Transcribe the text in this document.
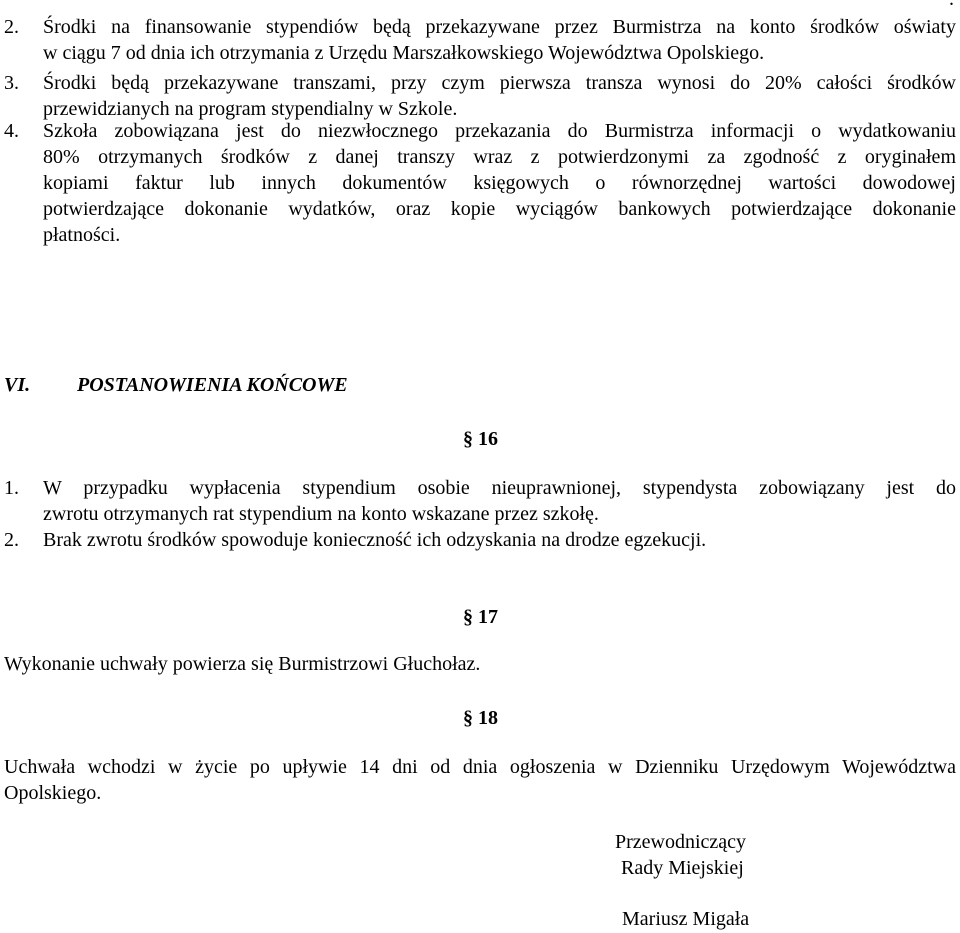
2. Środki na finansowanie stypendiów będą przekazywane przez Burmistrza na konto środków oświaty
w ciągu 7 od dnia ich otrzymania z Urzędu Marszałkowskiego Województwa Opolskiego.
3. Środki będą przekazywane transzami, przy czym pierwsza transza wynosi do 20% całości środków
przewidzianych na program stypendialny w Szkole.
4. Szkoła zobowiązana jest do niezwłocznego przekazania do Burmistrza informacji o wydatkowaniu
80% otrzymanych środków z danej transzy wraz z potwierdzonymi za zgodność z oryginałem
kopiami faktur lub innych dokumentów księgowych o równorzędnej wartości dowodowej
potwierdzające dokonanie wydatków, oraz kopie wyciągów bankowych potwierdzające dokonanie
płatności.
VI. POSTANOWIENIA KOŃCOWE
§ 16
1. W przypadku wypłacenia stypendium osobie nieuprawnionej, stypendysta zobowiązany jest do
zwrotu otrzymanych rat stypendium na konto wskazane przez szkołę.
2. Brak zwrotu środków spowoduje konieczność ich odzyskania na drodze egzekucji.
§ 17
Wykonanie uchwały powierza się Burmistrzowi Głuchołaz.
§ 18
Uchwała wchodzi w życie po upływie 14 dni od dnia ogłoszenia w Dzienniku Urzędowym Województwa
Opolskiego.
Przewodniczący
Rady Miejskiej
Mariusz Migała
